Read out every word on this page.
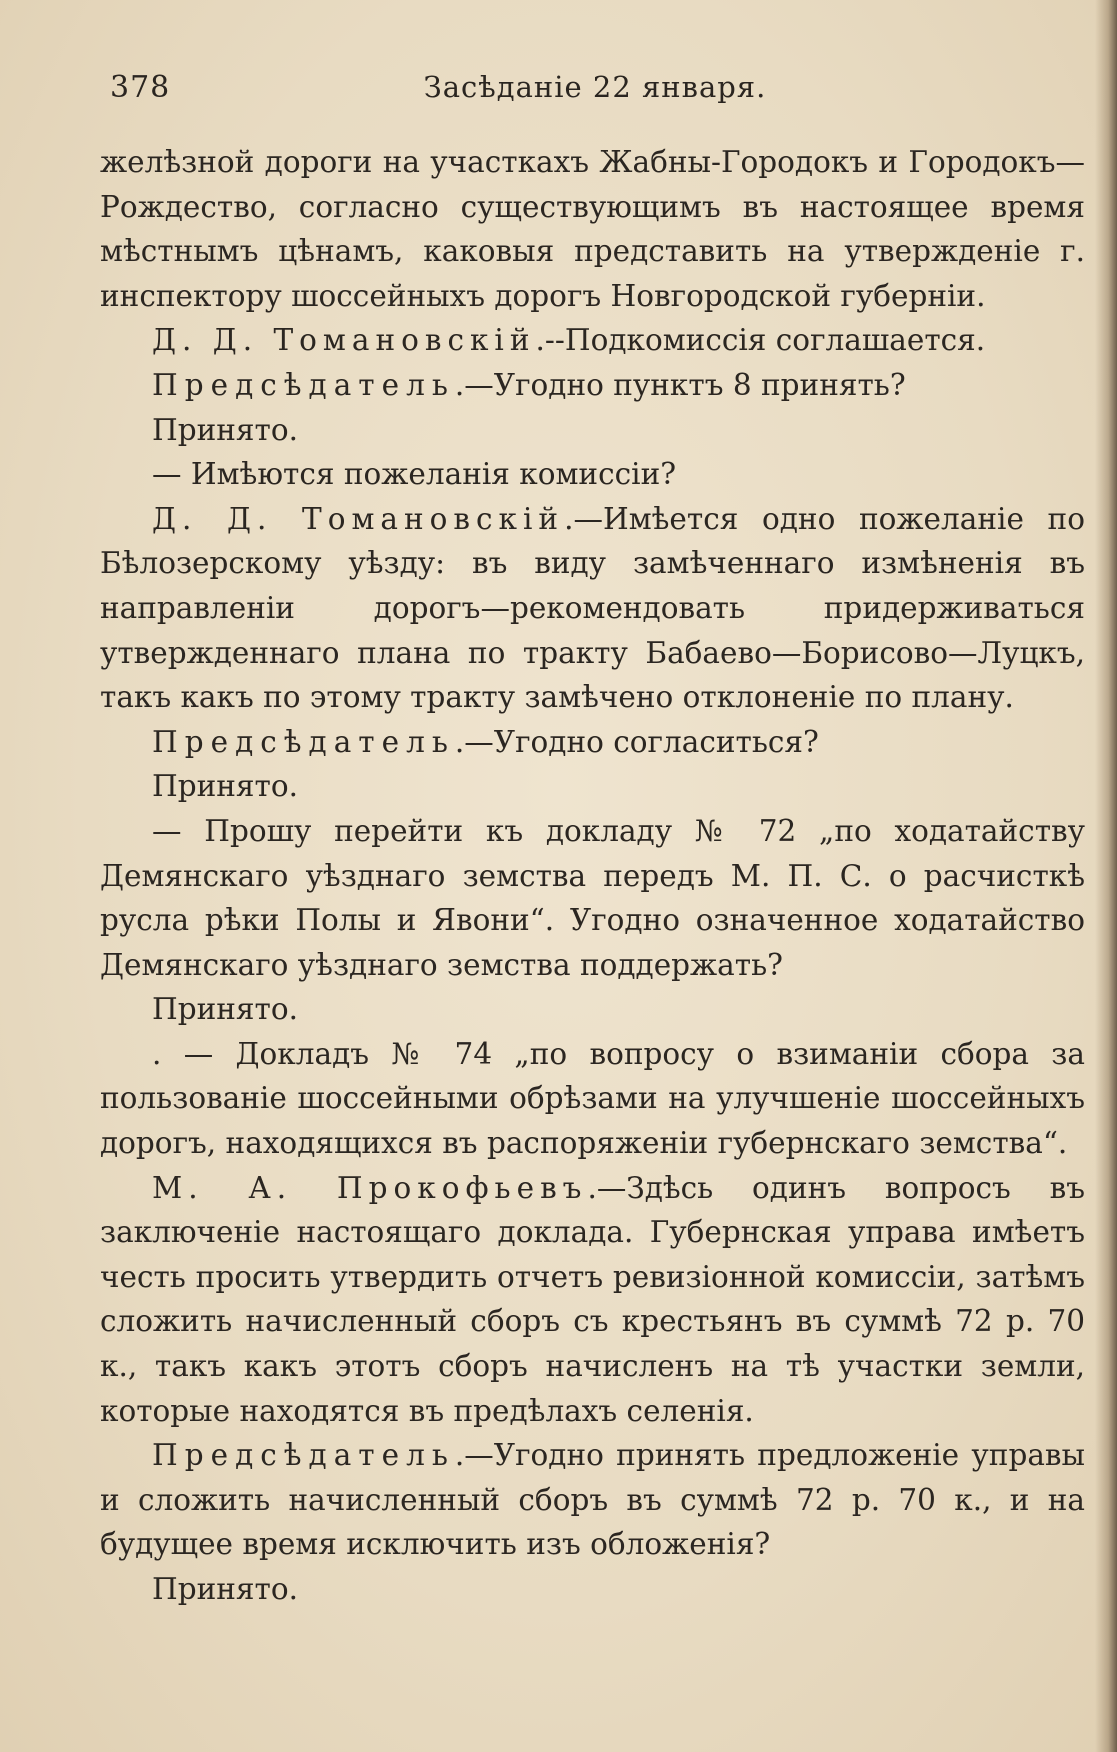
378	Засѣданіе 22 января.

желѣзной дороги на участкахъ Жабны-Городокъ и Городокъ—Рождество, согласно существующимъ въ настоящее время мѣстнымъ цѣнамъ, каковыя представить на утвержденіе г. инспектору шоссейныхъ дорогъ Новгородской губерніи.

Д. Д. Томановскій.--Подкомиссія соглашается.

Предсѣдатель.—Угодно пунктъ 8 принять?

Принято.

— Имѣются пожеланія комиссіи?

Д. Д. Томановскій.—Имѣется одно пожеланіе по Бѣлозерскому уѣзду: въ виду замѣченнаго измѣненія въ направленіи дорогъ—рекомендовать придерживаться утвержденнаго плана по тракту Бабаево—Борисово—Луцкъ, такъ какъ по этому тракту замѣчено отклоненіе по плану.

Предсѣдатель.—Угодно согласиться?

Принято.

— Прошу перейти къ докладу № 72 „по ходатайству Демянскаго уѣзднаго земства передъ М. П. С. о расчисткѣ русла рѣки Полы и Явони“. Угодно означенное ходатайство Демянскаго уѣзднаго земства поддержать?

Принято.

. — Докладъ № 74 „по вопросу о взиманіи сбора за пользованіе шоссейными обрѣзами на улучшеніе шоссейныхъ дорогъ, находящихся въ распоряженіи губернскаго земства“.

М. А. Прокофьевъ.—Здѣсь одинъ вопросъ въ заключеніе настоящаго доклада. Губернская управа имѣетъ честь просить утвердить отчетъ ревизіонной комиссіи, затѣмъ сложить начисленный сборъ съ крестьянъ въ суммѣ 72 р. 70 к., такъ какъ этотъ сборъ начисленъ на тѣ участки земли, которые находятся въ предѣлахъ селенія.

Предсѣдатель.—Угодно принять предложеніе управы и сложить начисленный сборъ въ суммѣ 72 р. 70 к., и на будущее время исключить изъ обложенія?

Принято.
